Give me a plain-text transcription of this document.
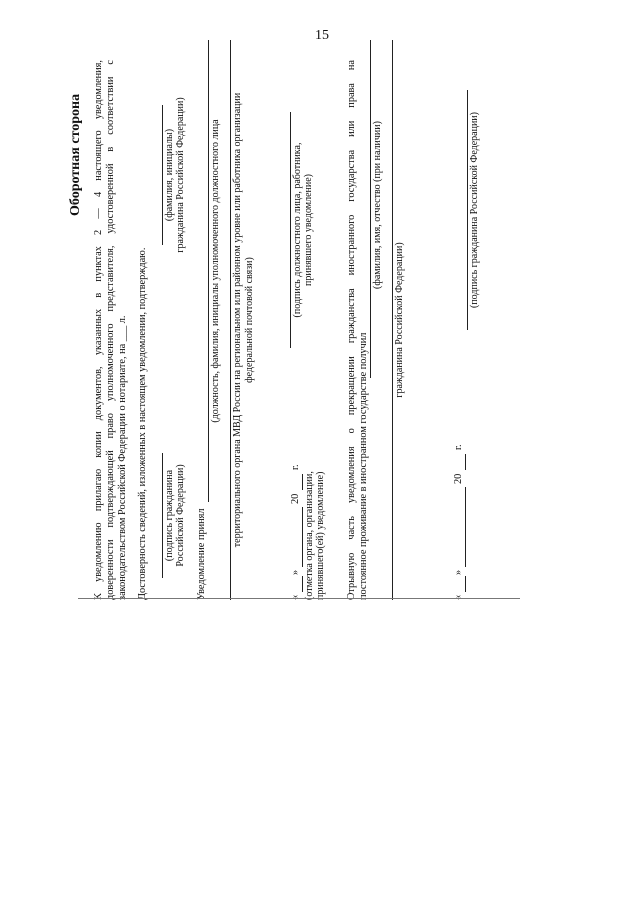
15
Оборотная сторона К уведомлению прилагаю копии документов, указанных в пунктах 2 — 4 настоящего уведомления, доверенности подтверждающей право уполномоченного представителя, удостоверенной в соответствии с законодательством Российской Федерации о нотариате, на ___ л. Достоверность сведений, изложенных в настоящем уведомлении, подтверждаю. (подпись гражданина Российской Федерации)
(фамилия, инициалы) гражданина Российской Федерации)
Уведомление принял
(должность, фамилия, инициалы уполномоченного должностного лица территориального органа МВД России на региональном или районном уровне или работника организации федеральной почтовой связи)
«
»
20
г.
(отметка органа, организации, принявшего(ей) уведомление)
(подпись должностного лица, работника, принявшего уведомление)	Отрывную часть уведомления о прекращении гражданства иностранного государства или права на постоянное проживание в иностранном государстве получил
(фамилия, имя, отчество (при наличии)
гражданина Российской Федерации)
«
»
20
г.
(подпись гражданина Российской Федерации)
